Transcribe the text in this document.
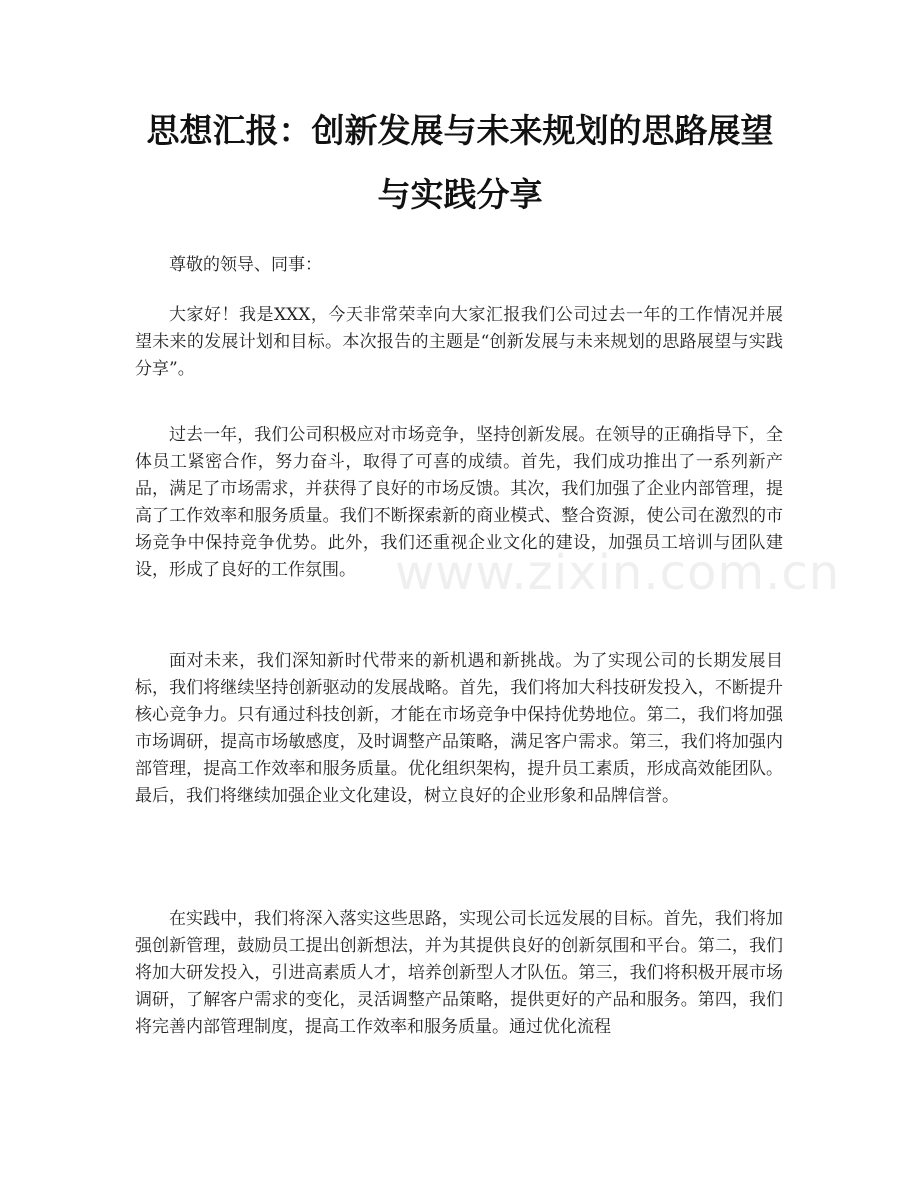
思想汇报：创新发展与未来规划的思路展望
与实践分享

尊敬的领导、同事：

大家好！我是XXX，今天非常荣幸向大家汇报我们公司过去一年的工作情况并展望未来的发展计划和目标。本次报告的主题是“创新发展与未来规划的思路展望与实践分享”。

过去一年，我们公司积极应对市场竞争，坚持创新发展。在领导的正确指导下，全体员工紧密合作，努力奋斗，取得了可喜的成绩。首先，我们成功推出了一系列新产品，满足了市场需求，并获得了良好的市场反馈。其次，我们加强了企业内部管理，提高了工作效率和服务质量。我们不断探索新的商业模式、整合资源，使公司在激烈的市场竞争中保持竞争优势。此外，我们还重视企业文化的建设，加强员工培训与团队建设，形成了良好的工作氛围。

面对未来，我们深知新时代带来的新机遇和新挑战。为了实现公司的长期发展目标，我们将继续坚持创新驱动的发展战略。首先，我们将加大科技研发投入，不断提升核心竞争力。只有通过科技创新，才能在市场竞争中保持优势地位。第二，我们将加强市场调研，提高市场敏感度，及时调整产品策略，满足客户需求。第三，我们将加强内部管理，提高工作效率和服务质量。优化组织架构，提升员工素质，形成高效能团队。最后，我们将继续加强企业文化建设，树立良好的企业形象和品牌信誉。

在实践中，我们将深入落实这些思路，实现公司长远发展的目标。首先，我们将加强创新管理，鼓励员工提出创新想法，并为其提供良好的创新氛围和平台。第二，我们将加大研发投入，引进高素质人才，培养创新型人才队伍。第三，我们将积极开展市场调研，了解客户需求的变化，灵活调整产品策略，提供更好的产品和服务。第四，我们将完善内部管理制度，提高工作效率和服务质量。通过优化流程

www.zixin.com.cn
